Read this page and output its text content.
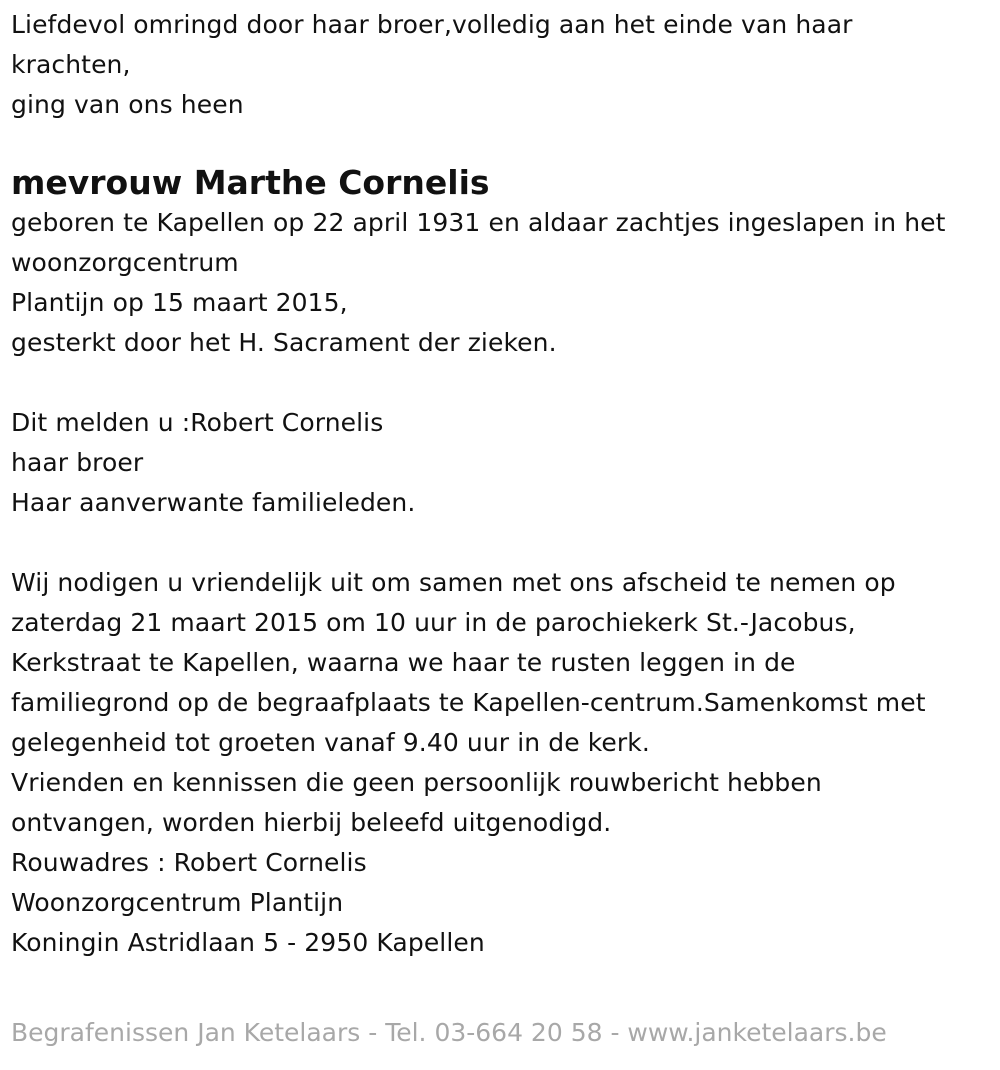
Liefdevol omringd door haar broer,volledig aan het einde van haar
krachten,
ging van ons heen
mevrouw Marthe Cornelis
geboren te Kapellen op 22 april 1931 en aldaar zachtjes ingeslapen in het
woonzorgcentrum
Plantijn op 15 maart 2015,
gesterkt door het H. Sacrament der zieken.
Dit melden u :Robert Cornelis
haar broer
Haar aanverwante familieleden.
Wij nodigen u vriendelijk uit om samen met ons afscheid te nemen op
zaterdag 21 maart 2015 om 10 uur in de parochiekerk St.-Jacobus,
Kerkstraat te Kapellen, waarna we haar te rusten leggen in de
familiegrond op de begraafplaats te Kapellen-centrum.Samenkomst met
gelegenheid tot groeten vanaf 9.40 uur in de kerk.
Vrienden en kennissen die geen persoonlijk rouwbericht hebben
ontvangen, worden hierbij beleefd uitgenodigd.
Rouwadres : Robert Cornelis
Woonzorgcentrum Plantijn
Koningin Astridlaan 5 - 2950 Kapellen
Begrafenissen Jan Ketelaars - Tel. 03-664 20 58 - www.janketelaars.be
